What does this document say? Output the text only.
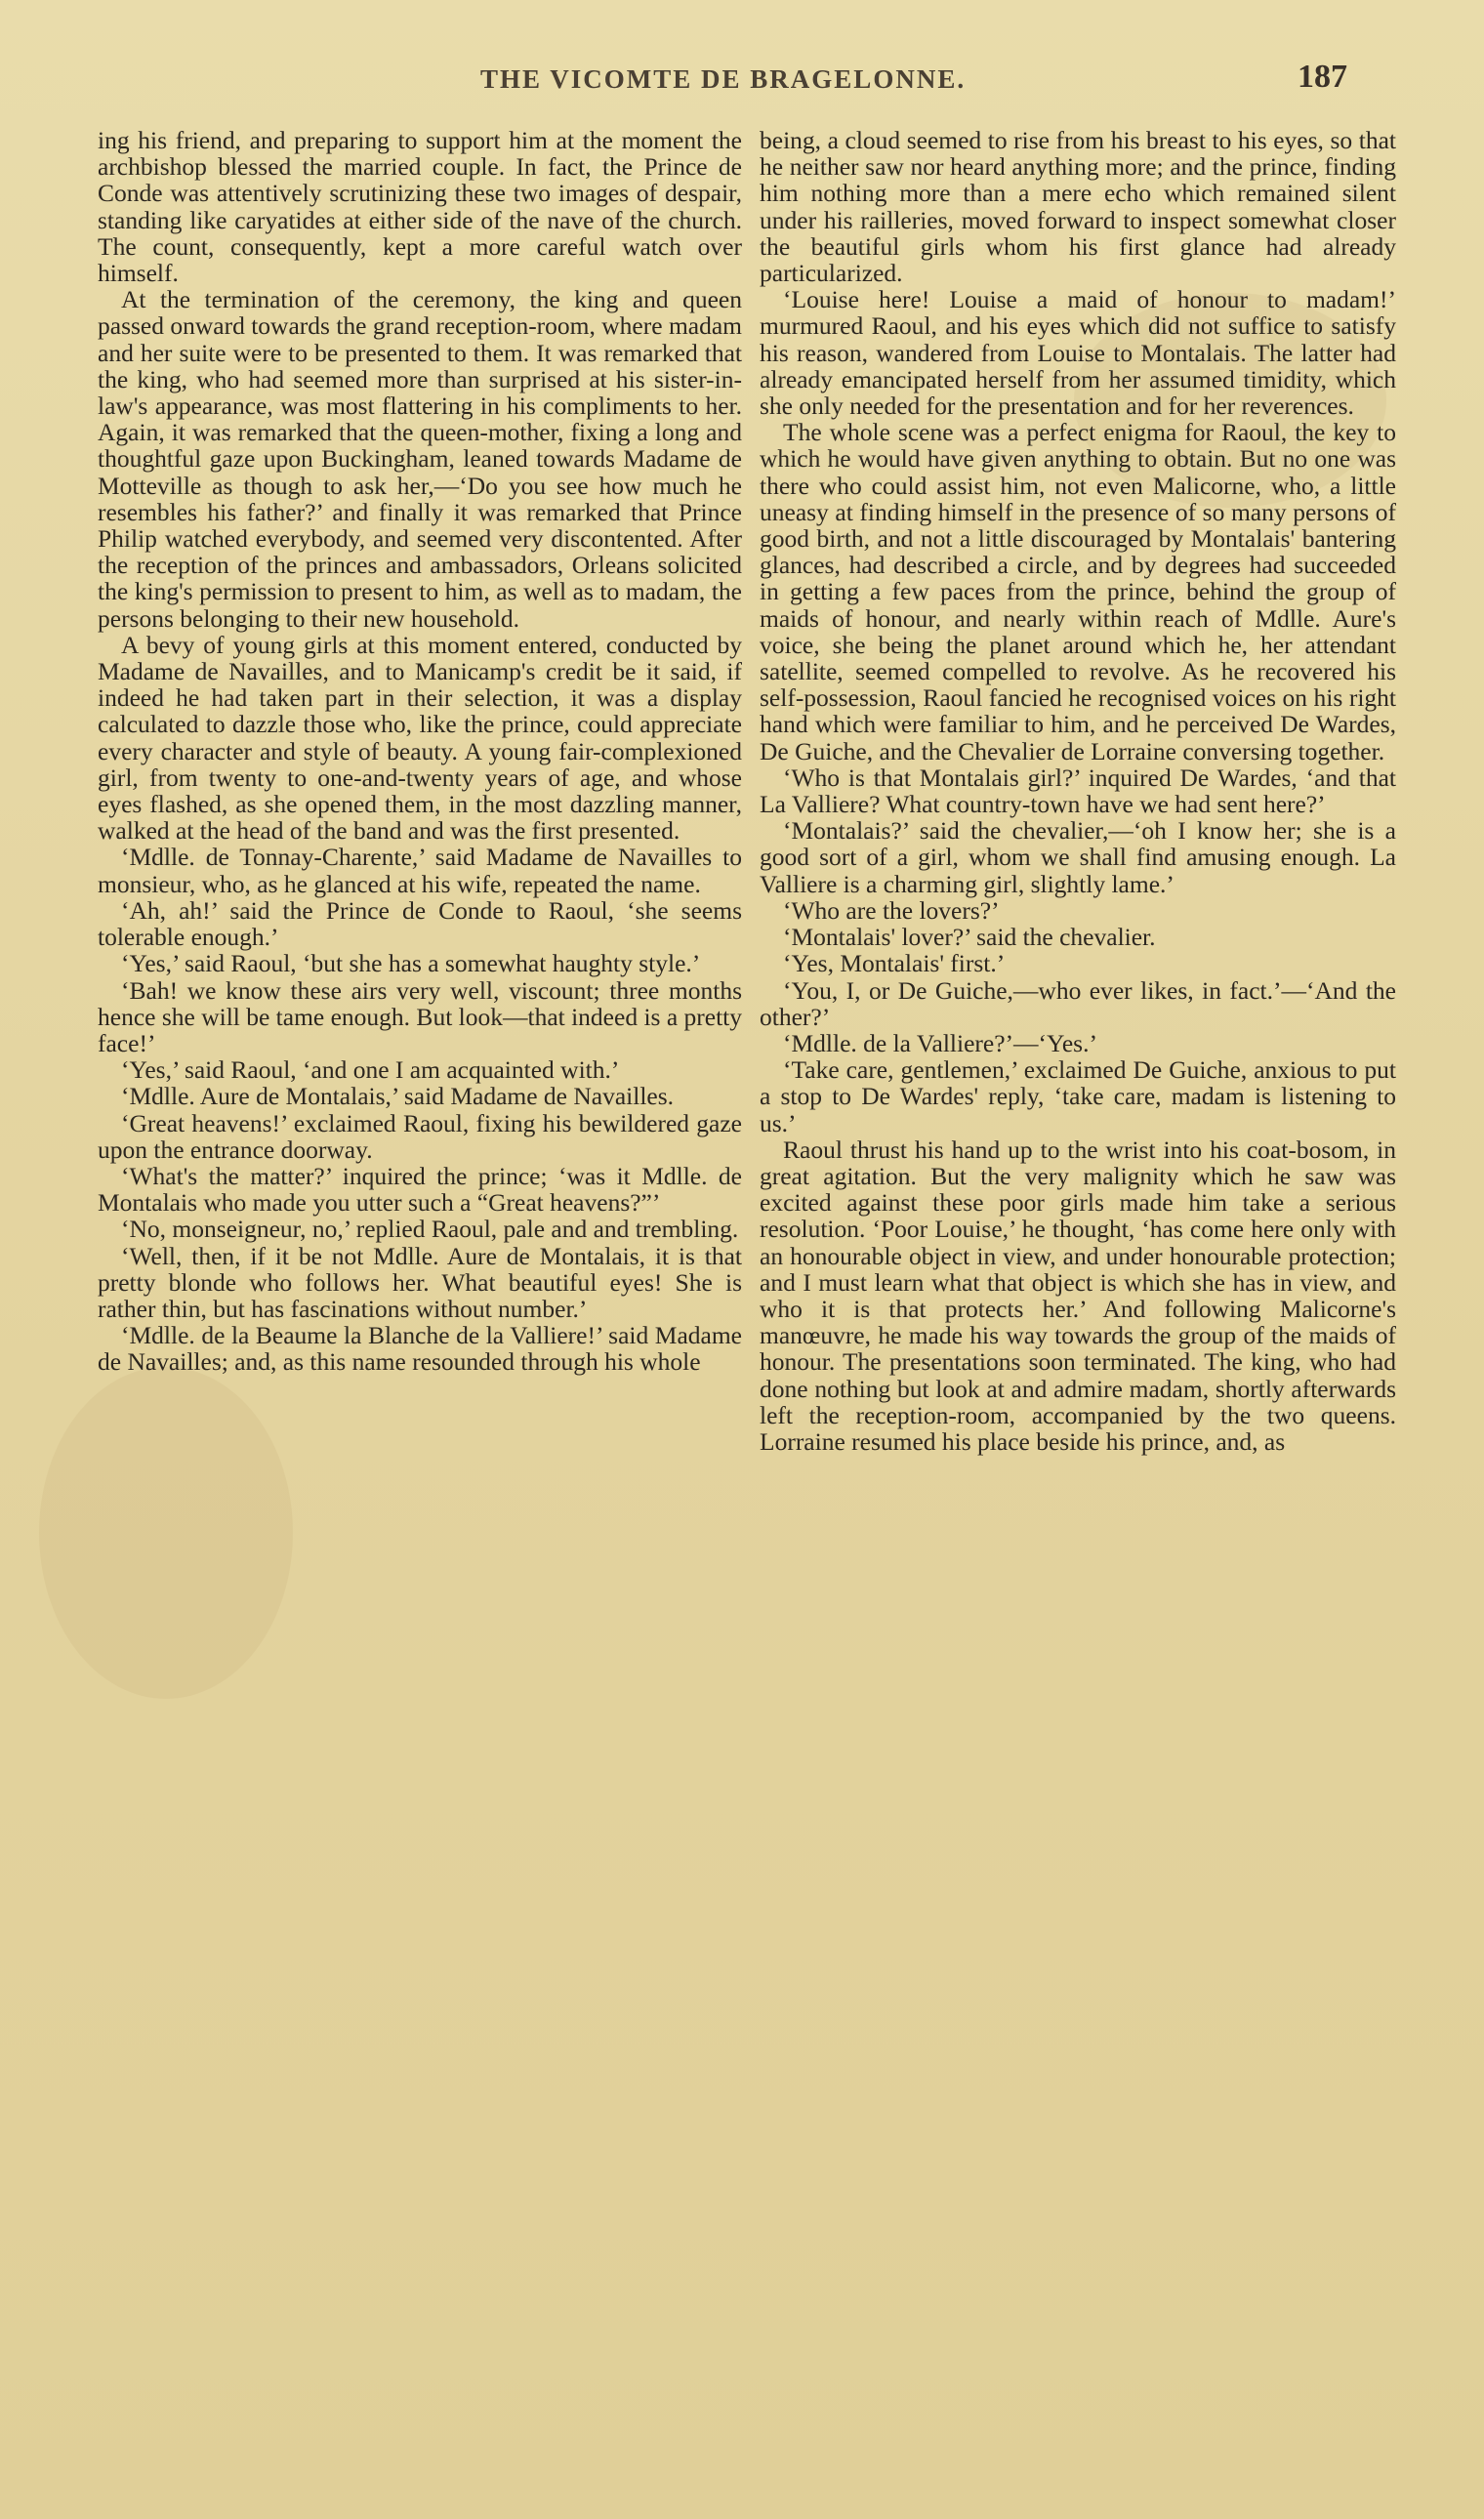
THE VICOMTE DE BRAGELONNE.	187

ing his friend, and preparing to support him at the moment the archbishop blessed the married couple. In fact, the Prince de Conde was attentively scrutinizing these two images of despair, standing like caryatides at either side of the nave of the church. The count, consequently, kept a more careful watch over himself.

At the termination of the ceremony, the king and queen passed onward towards the grand reception-room, where madam and her suite were to be presented to them. It was remarked that the king, who had seemed more than surprised at his sister-in-law's appearance, was most flattering in his compliments to her. Again, it was remarked that the queen-mother, fixing a long and thoughtful gaze upon Buckingham, leaned towards Madame de Motteville as though to ask her,—‘Do you see how much he resembles his father?’ and finally it was remarked that Prince Philip watched everybody, and seemed very discontented. After the reception of the princes and ambassadors, Orleans solicited the king's permission to present to him, as well as to madam, the persons belonging to their new household.

A bevy of young girls at this moment entered, conducted by Madame de Navailles, and to Manicamp's credit be it said, if indeed he had taken part in their selection, it was a display calculated to dazzle those who, like the prince, could appreciate every character and style of beauty. A young fair-complexioned girl, from twenty to one-and-twenty years of age, and whose eyes flashed, as she opened them, in the most dazzling manner, walked at the head of the band and was the first presented.

‘Mdlle. de Tonnay-Charente,’ said Madame de Navailles to monsieur, who, as he glanced at his wife, repeated the name.

‘Ah, ah!’ said the Prince de Conde to Raoul, ‘she seems tolerable enough.’

‘Yes,’ said Raoul, ‘but she has a somewhat haughty style.’

‘Bah! we know these airs very well, viscount; three months hence she will be tame enough. But look—that indeed is a pretty face!’

‘Yes,’ said Raoul, ‘and one I am acquainted with.’

‘Mdlle. Aure de Montalais,’ said Madame de Navailles.

‘Great heavens!’ exclaimed Raoul, fixing his bewildered gaze upon the entrance doorway.

‘What's the matter?’ inquired the prince; ‘was it Mdlle. de Montalais who made you utter such a “Great heavens?”’

‘No, monseigneur, no,’ replied Raoul, pale and and trembling.

‘Well, then, if it be not Mdlle. Aure de Montalais, it is that pretty blonde who follows her. What beautiful eyes! She is rather thin, but has fascinations without number.’

‘Mdlle. de la Beaume la Blanche de la Valliere!’ said Madame de Navailles; and, as this name resounded through his whole

being, a cloud seemed to rise from his breast to his eyes, so that he neither saw nor heard anything more; and the prince, finding him nothing more than a mere echo which remained silent under his railleries, moved forward to inspect somewhat closer the beautiful girls whom his first glance had already particularized.

‘Louise here! Louise a maid of honour to madam!’ murmured Raoul, and his eyes which did not suffice to satisfy his reason, wandered from Louise to Montalais. The latter had already emancipated herself from her assumed timidity, which she only needed for the presentation and for her reverences.

The whole scene was a perfect enigma for Raoul, the key to which he would have given anything to obtain. But no one was there who could assist him, not even Malicorne, who, a little uneasy at finding himself in the presence of so many persons of good birth, and not a little discouraged by Montalais' bantering glances, had described a circle, and by degrees had succeeded in getting a few paces from the prince, behind the group of maids of honour, and nearly within reach of Mdlle. Aure's voice, she being the planet around which he, her attendant satellite, seemed compelled to revolve. As he recovered his self-possession, Raoul fancied he recognised voices on his right hand which were familiar to him, and he perceived De Wardes, De Guiche, and the Chevalier de Lorraine conversing together.

‘Who is that Montalais girl?’ inquired De Wardes, ‘and that La Valliere? What country-town have we had sent here?’

‘Montalais?’ said the chevalier,—‘oh I know her; she is a good sort of a girl, whom we shall find amusing enough. La Valliere is a charming girl, slightly lame.’

‘Who are the lovers?’

‘Montalais' lover?’ said the chevalier.

‘Yes, Montalais' first.’

‘You, I, or De Guiche,—who ever likes, in fact.’—‘And the other?’

‘Mdlle. de la Valliere?’—‘Yes.’

‘Take care, gentlemen,’ exclaimed De Guiche, anxious to put a stop to De Wardes' reply, ‘take care, madam is listening to us.’

Raoul thrust his hand up to the wrist into his coat-bosom, in great agitation. But the very malignity which he saw was excited against these poor girls made him take a serious resolution. ‘Poor Louise,’ he thought, ‘has come here only with an honourable object in view, and under honourable protection; and I must learn what that object is which she has in view, and who it is that protects her.’ And following Malicorne's manœuvre, he made his way towards the group of the maids of honour. The presentations soon terminated. The king, who had done nothing but look at and admire madam, shortly afterwards left the reception-room, accompanied by the two queens. Lorraine resumed his place beside his prince, and, as
